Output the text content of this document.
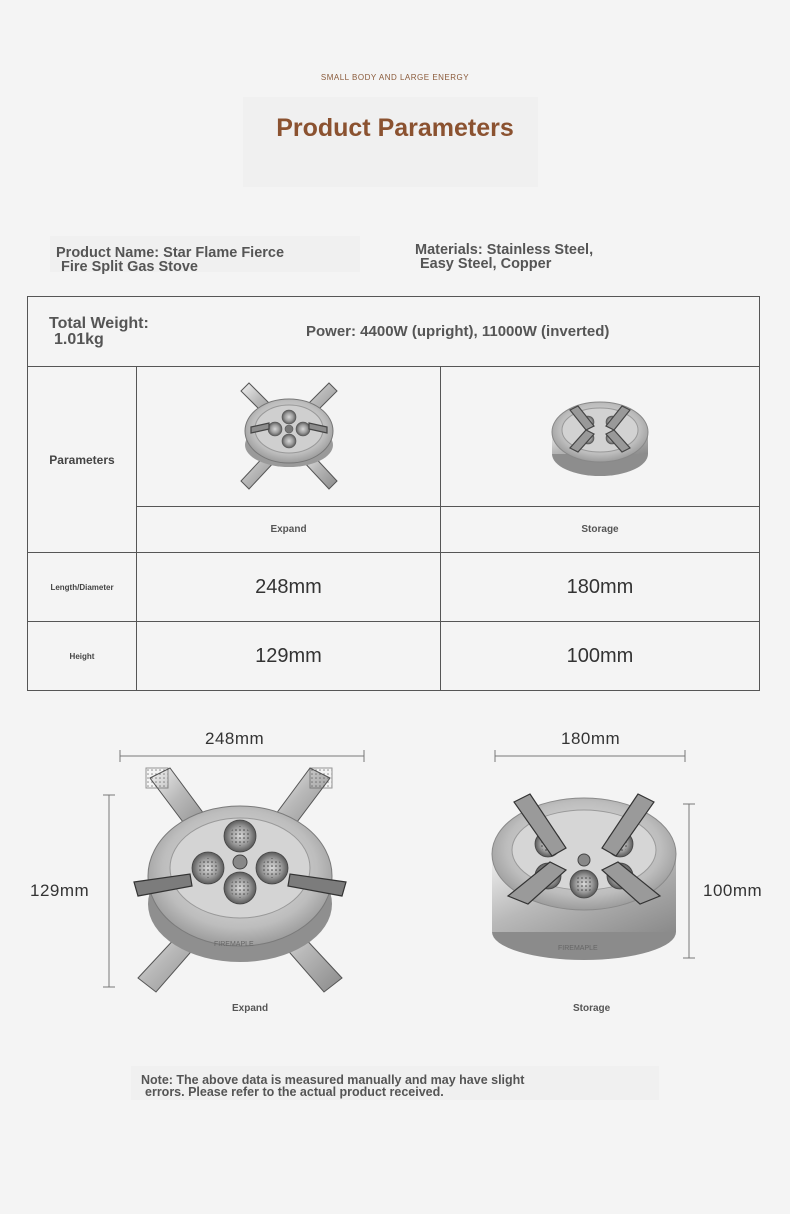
SMALL BODY AND LARGE ENERGY
Product Parameters
Product Name: Star Flame Fierce
Fire Split Gas Stove
Materials: Stainless Steel,
Easy Steel, Copper
Total Weight:
1.01kg Power: 4400W (upright), 11000W (inverted)		

Parameters		
	Expand	Storage
Length/Diameter	248mm	180mm
Height	129mm	100mm
248mm
129mm
FIREMAPLE
Expand
180mm
100mm
FIREMAPLE
Storage
Note: The above data is measured manually and may have slight
errors. Please refer to the actual product received.
